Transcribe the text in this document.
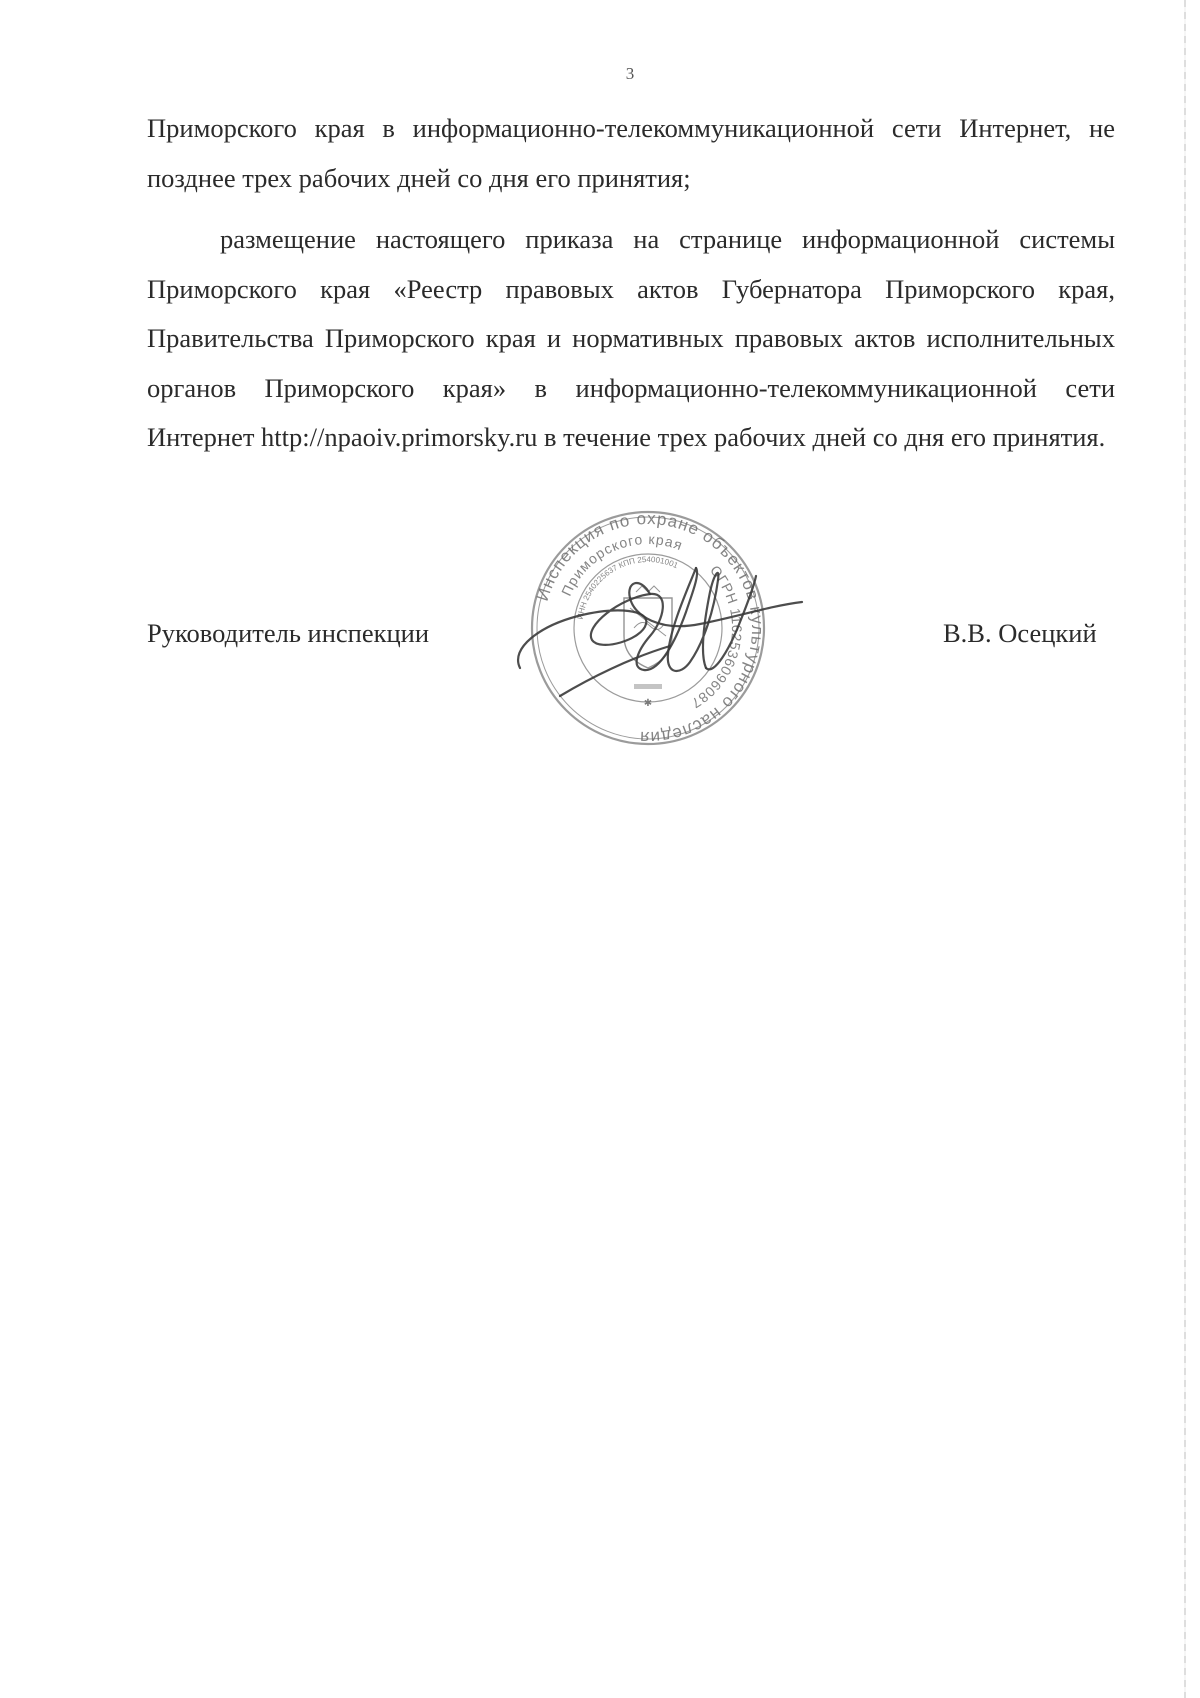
3

Приморского края в информационно-телекоммуникационной сети Интернет, не позднее трех рабочих дней со дня его принятия;

размещение настоящего приказа на странице информационной системы Приморского края «Реестр правовых актов Губернатора Приморского края, Правительства Приморского края и нормативных правовых актов исполнительных органов Приморского края» в информационно-телекоммуникационной сети Интернет http://npaoiv.primorsky.ru в течение трех рабочих дней со дня его принятия.

Руководитель инспекции	В.В. Осецкий
Инспекция по охране объектов культурного наследия
Приморского края
ОГРН 1162536096087
ИНН 2540225637 КПП 254001001
✱
